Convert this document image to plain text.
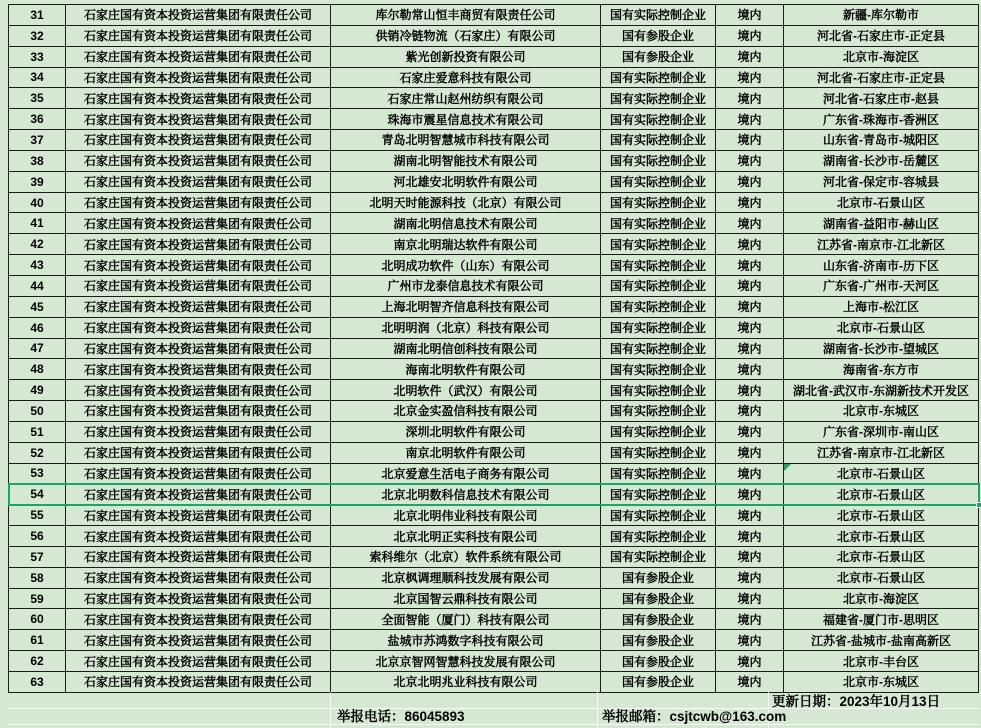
31	石家庄国有资本投资运营集团有限责任公司	库尔勒常山恒丰商贸有限责任公司	国有实际控制企业	境内	新疆-库尔勒市
32	石家庄国有资本投资运营集团有限责任公司	供销冷链物流（石家庄）有限公司	国有参股企业	境内	河北省-石家庄市-正定县
33	石家庄国有资本投资运营集团有限责任公司	紫光创新投资有限公司	国有参股企业	境内	北京市-海淀区
34	石家庄国有资本投资运营集团有限责任公司	石家庄爱意科技有限公司	国有实际控制企业	境内	河北省-石家庄市-正定县
35	石家庄国有资本投资运营集团有限责任公司	石家庄常山赵州纺织有限公司	国有实际控制企业	境内	河北省-石家庄市-赵县
36	石家庄国有资本投资运营集团有限责任公司	珠海市震星信息技术有限公司	国有实际控制企业	境内	广东省-珠海市-香洲区
37	石家庄国有资本投资运营集团有限责任公司	青岛北明智慧城市科技有限公司	国有实际控制企业	境内	山东省-青岛市-城阳区
38	石家庄国有资本投资运营集团有限责任公司	湖南北明智能技术有限公司	国有实际控制企业	境内	湖南省-长沙市-岳麓区
39	石家庄国有资本投资运营集团有限责任公司	河北雄安北明软件有限公司	国有实际控制企业	境内	河北省-保定市-容城县
40	石家庄国有资本投资运营集团有限责任公司	北明天时能源科技（北京）有限公司	国有实际控制企业	境内	北京市-石景山区
41	石家庄国有资本投资运营集团有限责任公司	湖南北明信息技术有限公司	国有实际控制企业	境内	湖南省-益阳市-赫山区
42	石家庄国有资本投资运营集团有限责任公司	南京北明瑞达软件有限公司	国有实际控制企业	境内	江苏省-南京市-江北新区
43	石家庄国有资本投资运营集团有限责任公司	北明成功软件（山东）有限公司	国有实际控制企业	境内	山东省-济南市-历下区
44	石家庄国有资本投资运营集团有限责任公司	广州市龙泰信息技术有限公司	国有实际控制企业	境内	广东省-广州市-天河区
45	石家庄国有资本投资运营集团有限责任公司	上海北明智齐信息科技有限公司	国有实际控制企业	境内	上海市-松江区
46	石家庄国有资本投资运营集团有限责任公司	北明明润（北京）科技有限公司	国有实际控制企业	境内	北京市-石景山区
47	石家庄国有资本投资运营集团有限责任公司	湖南北明信创科技有限公司	国有实际控制企业	境内	湖南省-长沙市-望城区
48	石家庄国有资本投资运营集团有限责任公司	海南北明软件有限公司	国有实际控制企业	境内	海南省-东方市
49	石家庄国有资本投资运营集团有限责任公司	北明软件（武汉）有限公司	国有实际控制企业	境内	湖北省-武汉市-东湖新技术开发区
50	石家庄国有资本投资运营集团有限责任公司	北京金实盈信科技有限公司	国有实际控制企业	境内	北京市-东城区
51	石家庄国有资本投资运营集团有限责任公司	深圳北明软件有限公司	国有实际控制企业	境内	广东省-深圳市-南山区
52	石家庄国有资本投资运营集团有限责任公司	南京北明软件有限公司	国有实际控制企业	境内	江苏省-南京市-江北新区
53	石家庄国有资本投资运营集团有限责任公司	北京爱意生活电子商务有限公司	国有实际控制企业	境内	北京市-石景山区
54	石家庄国有资本投资运营集团有限责任公司	北京北明数科信息技术有限公司	国有实际控制企业	境内	北京市-石景山区
55	石家庄国有资本投资运营集团有限责任公司	北京北明伟业科技有限公司	国有实际控制企业	境内	北京市-石景山区
56	石家庄国有资本投资运营集团有限责任公司	北京北明正实科技有限公司	国有实际控制企业	境内	北京市-石景山区
57	石家庄国有资本投资运营集团有限责任公司	索科维尔（北京）软件系统有限公司	国有实际控制企业	境内	北京市-石景山区
58	石家庄国有资本投资运营集团有限责任公司	北京枫调理顺科技发展有限公司	国有参股企业	境内	北京市-石景山区
59	石家庄国有资本投资运营集团有限责任公司	北京国智云鼎科技有限公司	国有参股企业	境内	北京市-海淀区
60	石家庄国有资本投资运营集团有限责任公司	全面智能（厦门）科技有限公司	国有参股企业	境内	福建省-厦门市-思明区
61	石家庄国有资本投资运营集团有限责任公司	盐城市苏鸿数字科技有限公司	国有参股企业	境内	江苏省-盐城市-盐南高新区
62	石家庄国有资本投资运营集团有限责任公司	北京京智网智慧科技发展有限公司	国有参股企业	境内	北京市-丰台区
63	石家庄国有资本投资运营集团有限责任公司	北京北明兆业科技有限公司	国有参股企业	境内	北京市-东城区
更新日期：2023年10月13日
举报电话：86045893	举报邮箱：csjtcwb@163.com
